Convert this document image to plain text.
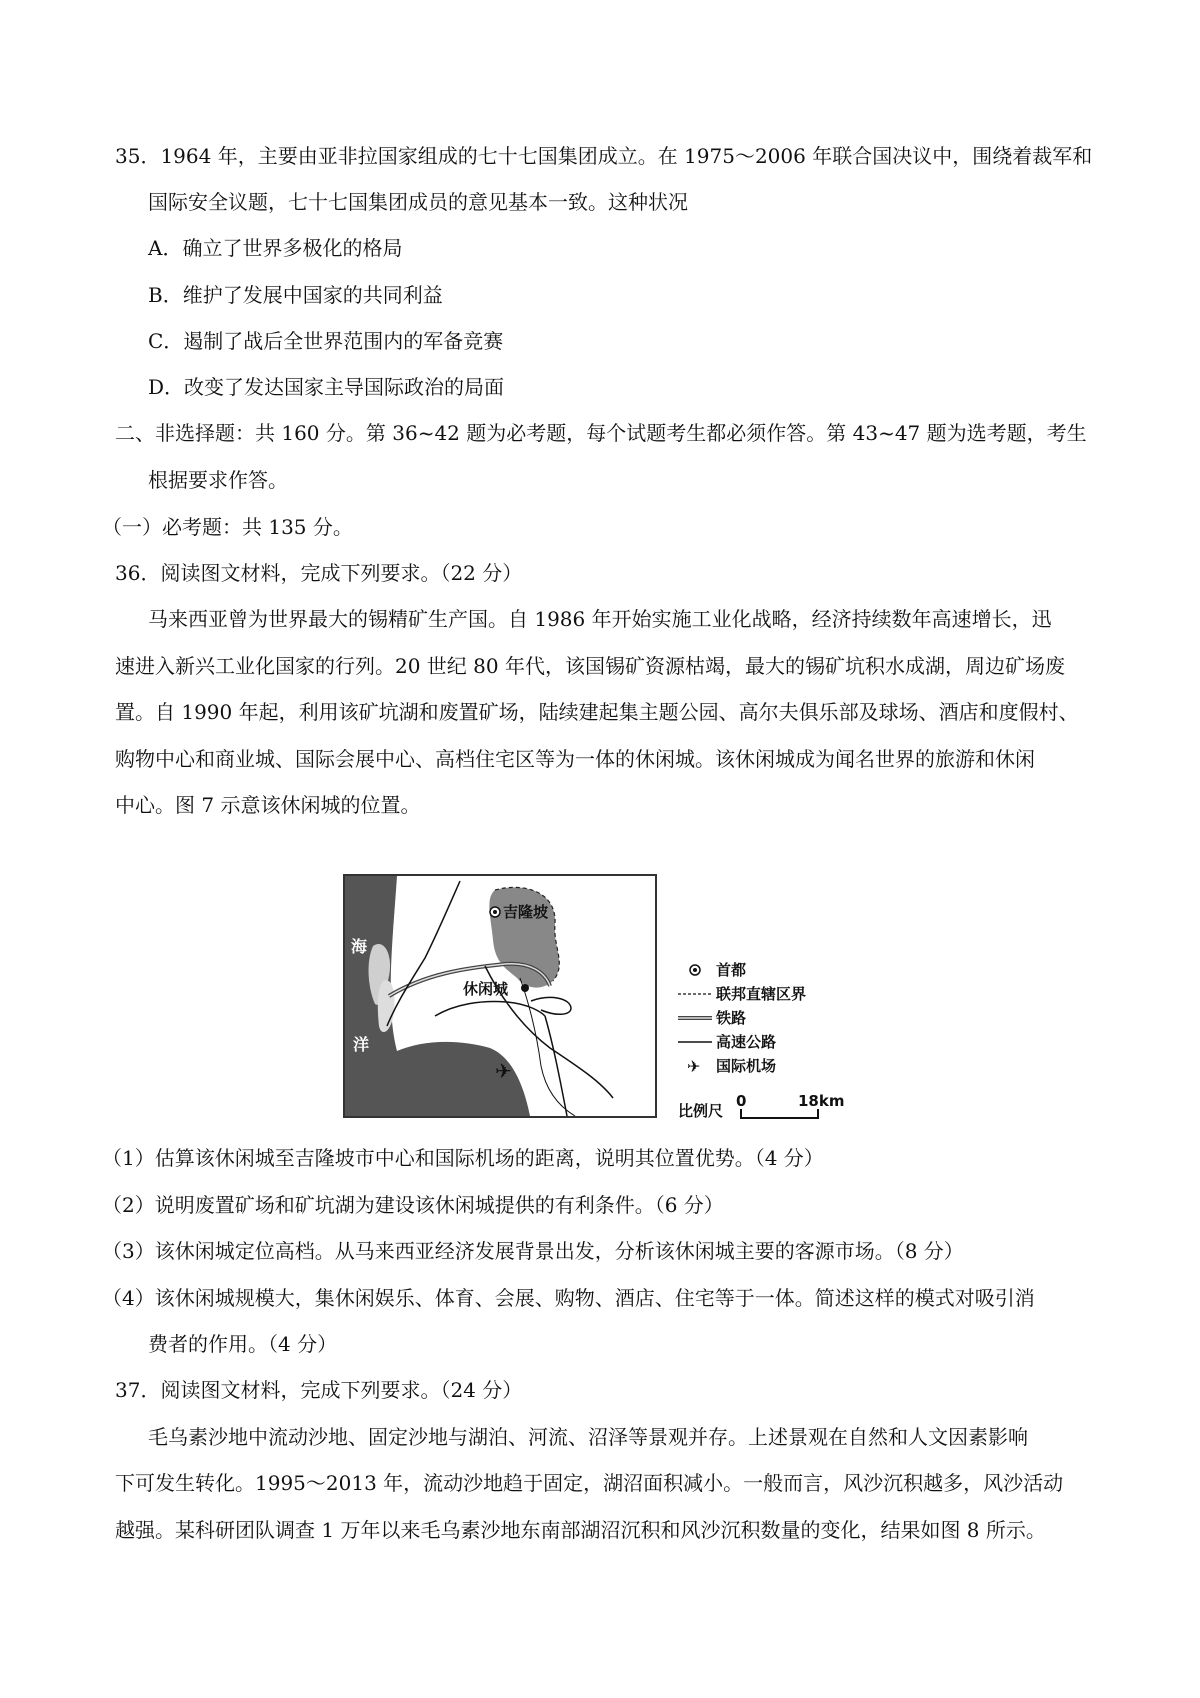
35．1964 年，主要由亚非拉国家组成的七十七国集团成立。在 1975～2006 年联合国决议中，围绕着裁军和
国际安全议题，七十七国集团成员的意见基本一致。这种状况
A．确立了世界多极化的格局
B．维护了发展中国家的共同利益
C．遏制了战后全世界范围内的军备竞赛
D．改变了发达国家主导国际政治的局面
二、非选择题：共 160 分。第 36~42 题为必考题，每个试题考生都必须作答。第 43~47 题为选考题，考生
根据要求作答。
（一）必考题：共 135 分。
36．阅读图文材料，完成下列要求。（22 分）
马来西亚曾为世界最大的锡精矿生产国。自 1986 年开始实施工业化战略，经济持续数年高速增长，迅
速进入新兴工业化国家的行列。20 世纪 80 年代，该国锡矿资源枯竭，最大的锡矿坑积水成湖，周边矿场废
置。自 1990 年起，利用该矿坑湖和废置矿场，陆续建起集主题公园、高尔夫俱乐部及球场、酒店和度假村、
购物中心和商业城、国际会展中心、高档住宅区等为一体的休闲城。该休闲城成为闻名世界的旅游和休闲
中心。图 7 示意该休闲城的位置。
✈
海
洋
吉隆坡
休闲城
首都
联邦直辖区界
铁路
高速公路
✈ 国际机场
比例尺
0	18km
（1）估算该休闲城至吉隆坡市中心和国际机场的距离，说明其位置优势。（4 分）
（2）说明废置矿场和矿坑湖为建设该休闲城提供的有利条件。（6 分）
（3）该休闲城定位高档。从马来西亚经济发展背景出发，分析该休闲城主要的客源市场。（8 分）
（4）该休闲城规模大，集休闲娱乐、体育、会展、购物、酒店、住宅等于一体。简述这样的模式对吸引消
费者的作用。（4 分）
37．阅读图文材料，完成下列要求。（24 分）
毛乌素沙地中流动沙地、固定沙地与湖泊、河流、沼泽等景观并存。上述景观在自然和人文因素影响
下可发生转化。1995～2013 年，流动沙地趋于固定，湖沼面积减小。一般而言，风沙沉积越多，风沙活动
越强。某科研团队调查 1 万年以来毛乌素沙地东南部湖沼沉积和风沙沉积数量的变化，结果如图 8 所示。
